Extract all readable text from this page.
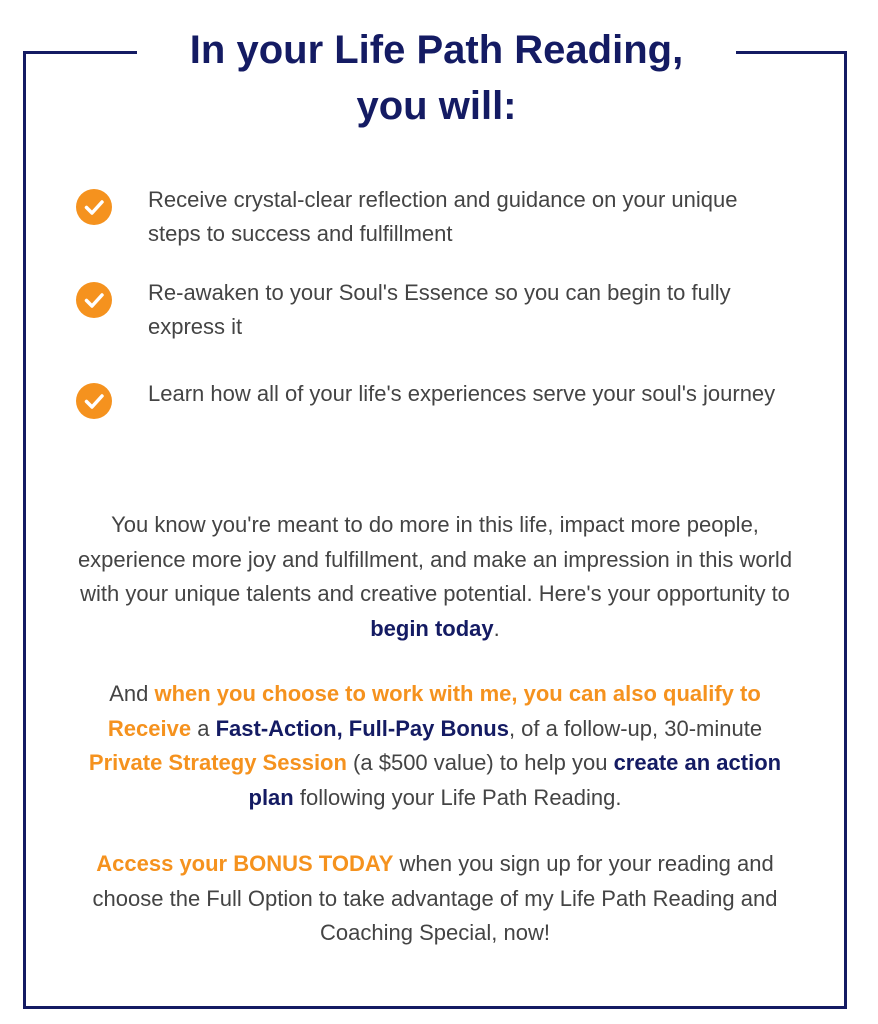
In your Life Path Reading,
you will:

Receive crystal-clear reflection and guidance on your unique steps to success and fulfillment

Re-awaken to your Soul's Essence so you can begin to fully express it

Learn how all of your life's experiences serve your soul's journey

You know you're meant to do more in this life, impact more people, experience more joy and fulfillment, and make an impression in this world with your unique talents and creative potential. Here's your opportunity to begin today.

And when you choose to work with me, you can also qualify to Receive a Fast-Action, Full-Pay Bonus, of a follow-up, 30-minute Private Strategy Session (a $500 value) to help you create an action plan following your Life Path Reading.

Access your BONUS TODAY when you sign up for your reading and choose the Full Option to take advantage of my Life Path Reading and Coaching Special, now!
